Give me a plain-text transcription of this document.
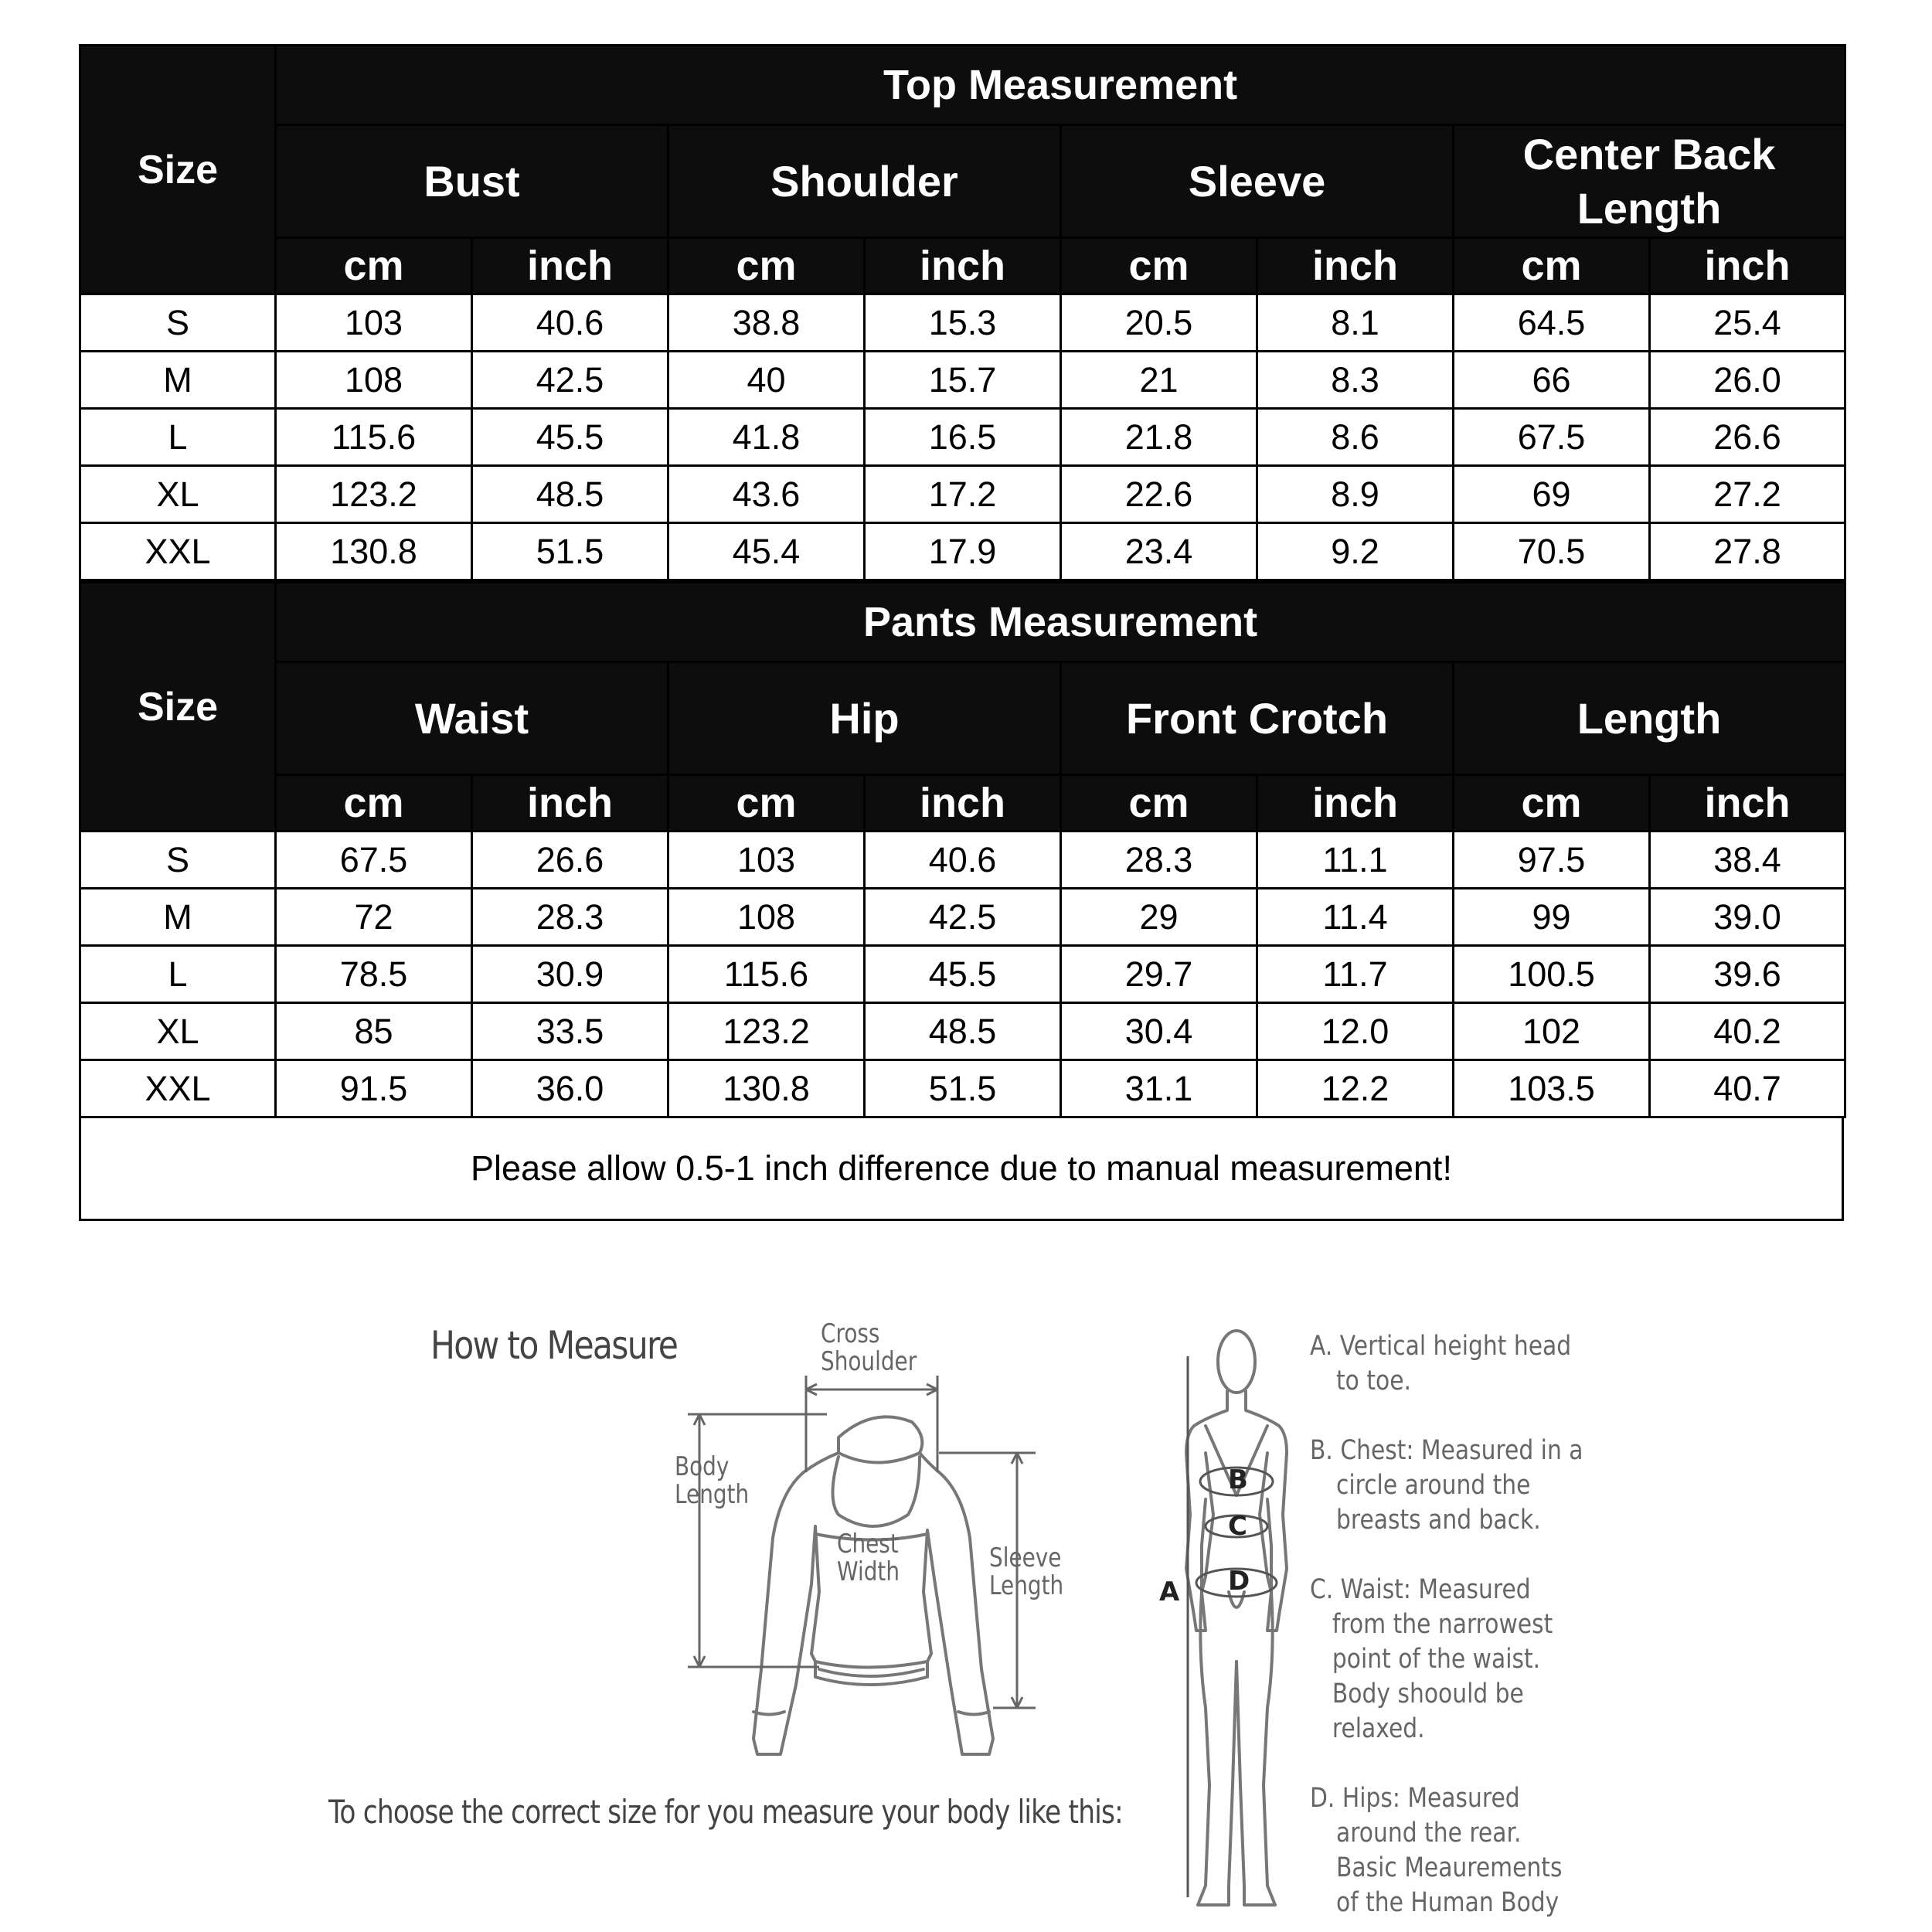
Size	Top Measurement							
	Bust		Shoulder		Sleeve		Center Back Length	
	cm	inch	cm	inch	cm	inch	cm	inch
S	103	40.6	38.8	15.3	20.5	8.1	64.5	25.4
M	108	42.5	40	15.7	21	8.3	66	26.0
L	115.6	45.5	41.8	16.5	21.8	8.6	67.5	26.6
XL	123.2	48.5	43.6	17.2	22.6	8.9	69	27.2
XXL	130.8	51.5	45.4	17.9	23.4	9.2	70.5	27.8
Size	Pants Measurement							
	Waist		Hip		Front Crotch		Length	
	cm	inch	cm	inch	cm	inch	cm	inch
S	67.5	26.6	103	40.6	28.3	11.1	97.5	38.4
M	72	28.3	108	42.5	29	11.4	99	39.0
L	78.5	30.9	115.6	45.5	29.7	11.7	100.5	39.6
XL	85	33.5	123.2	48.5	30.4	12.0	102	40.2
XXL	91.5	36.0	130.8	51.5	31.1	12.2	103.5	40.7
Please allow 0.5-1 inch difference due to manual measurement!
How to Measure
To choose the correct size for you measure your body like this:
Cross
Shoulder
Body
Length
Chest
Width	Sleeve
Length	A
B
C
D
A. Vertical height head
to toe.
B. Chest: Measured in a
circle around the
breasts and back.
C. Waist: Measured
from the narrowest
point of the waist.
Body shoould be
relaxed.
D. Hips: Measured
around the rear.
Basic Meaurements
of the Human Body
